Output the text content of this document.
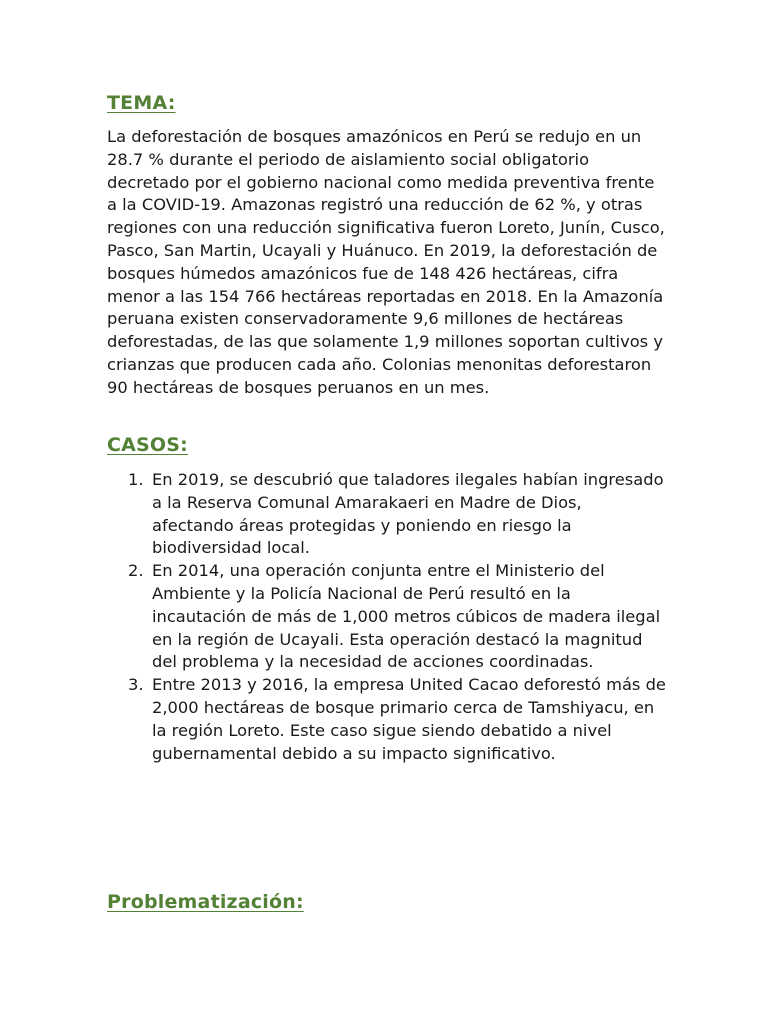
TEMA:

La deforestación de bosques amazónicos en Perú se redujo en un 28.7 % durante el periodo de aislamiento social obligatorio decretado por el gobierno nacional como medida preventiva frente a la COVID-19. Amazonas registró una reducción de 62 %, y otras regiones con una reducción significativa fueron Loreto, Junín, Cusco, Pasco, San Martin, Ucayali y Huánuco. En 2019, la deforestación de bosques húmedos amazónicos fue de 148 426 hectáreas, cifra menor a las 154 766 hectáreas reportadas en 2018. En la Amazonía peruana existen conservadoramente 9,6 millones de hectáreas deforestadas, de las que solamente 1,9 millones soportan cultivos y crianzas que producen cada año. Colonias menonitas deforestaron 90 hectáreas de bosques peruanos en un mes.

CASOS:
1. En 2019, se descubrió que taladores ilegales habían ingresado a la Reserva Comunal Amarakaeri en Madre de Dios, afectando áreas protegidas y poniendo en riesgo la biodiversidad local.
2. En 2014, una operación conjunta entre el Ministerio del Ambiente y la Policía Nacional de Perú resultó en la incautación de más de 1,000 metros cúbicos de madera ilegal en la región de Ucayali. Esta operación destacó la magnitud del problema y la necesidad de acciones coordinadas.
3. Entre 2013 y 2016, la empresa United Cacao deforestó más de 2,000 hectáreas de bosque primario cerca de Tamshiyacu, en la región Loreto. Este caso sigue siendo debatido a nivel gubernamental debido a su impacto significativo.
Problematización:
